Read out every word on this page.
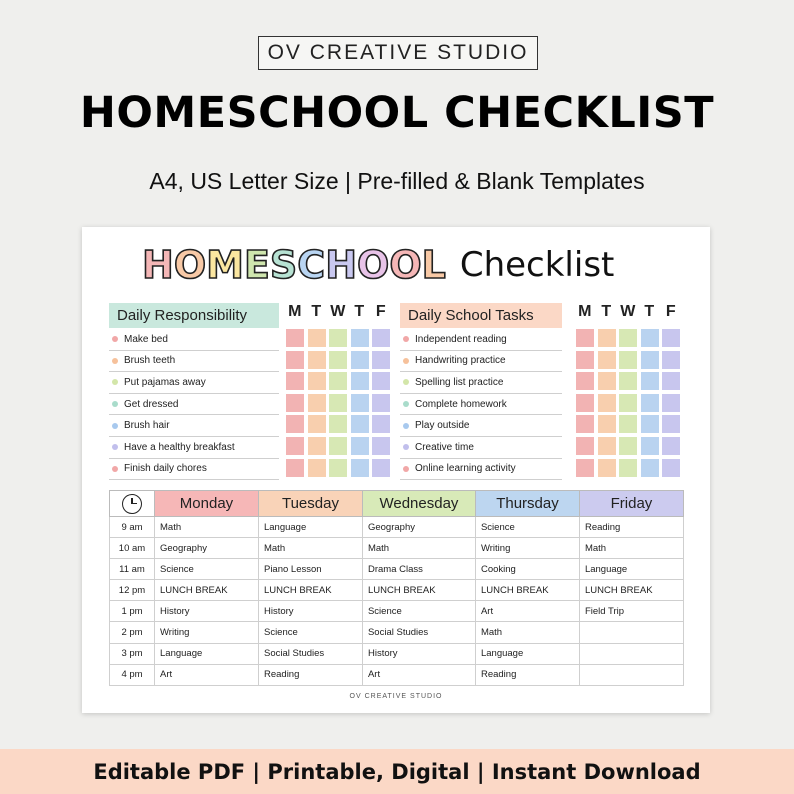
OV CREATIVE STUDIO
HOMESCHOOL CHECKLIST
A4, US Letter Size | Pre-filled & Blank Templates
HOMESCHOOL Checklist
Daily Responsibility	M T W T F
Make bed
Brush teeth
Put pajamas away
Get dressed
Brush hair
Have a healthy breakfast
Finish daily chores
Daily School Tasks	M T W T F
Independent reading
Handwriting practice
Spelling list practice
Complete homework
Play outside
Creative time
Online learning activity
	Monday	Tuesday	Wednesday	Thursday	Friday
9 am	Math	Language	Geography	Science	Reading
10 am	Geography	Math	Math	Writing	Math
11 am	Science	Piano Lesson	Drama Class	Cooking	Language
12 pm	LUNCH BREAK	LUNCH BREAK	LUNCH BREAK	LUNCH BREAK	LUNCH BREAK
1 pm	History	History	Science	Art	Field Trip
2 pm	Writing	Science	Social Studies	Math	
3 pm	Language	Social Studies	History	Language	
4 pm	Art	Reading	Art	Reading	
OV CREATIVE STUDIO
Editable PDF | Printable, Digital | Instant Download
